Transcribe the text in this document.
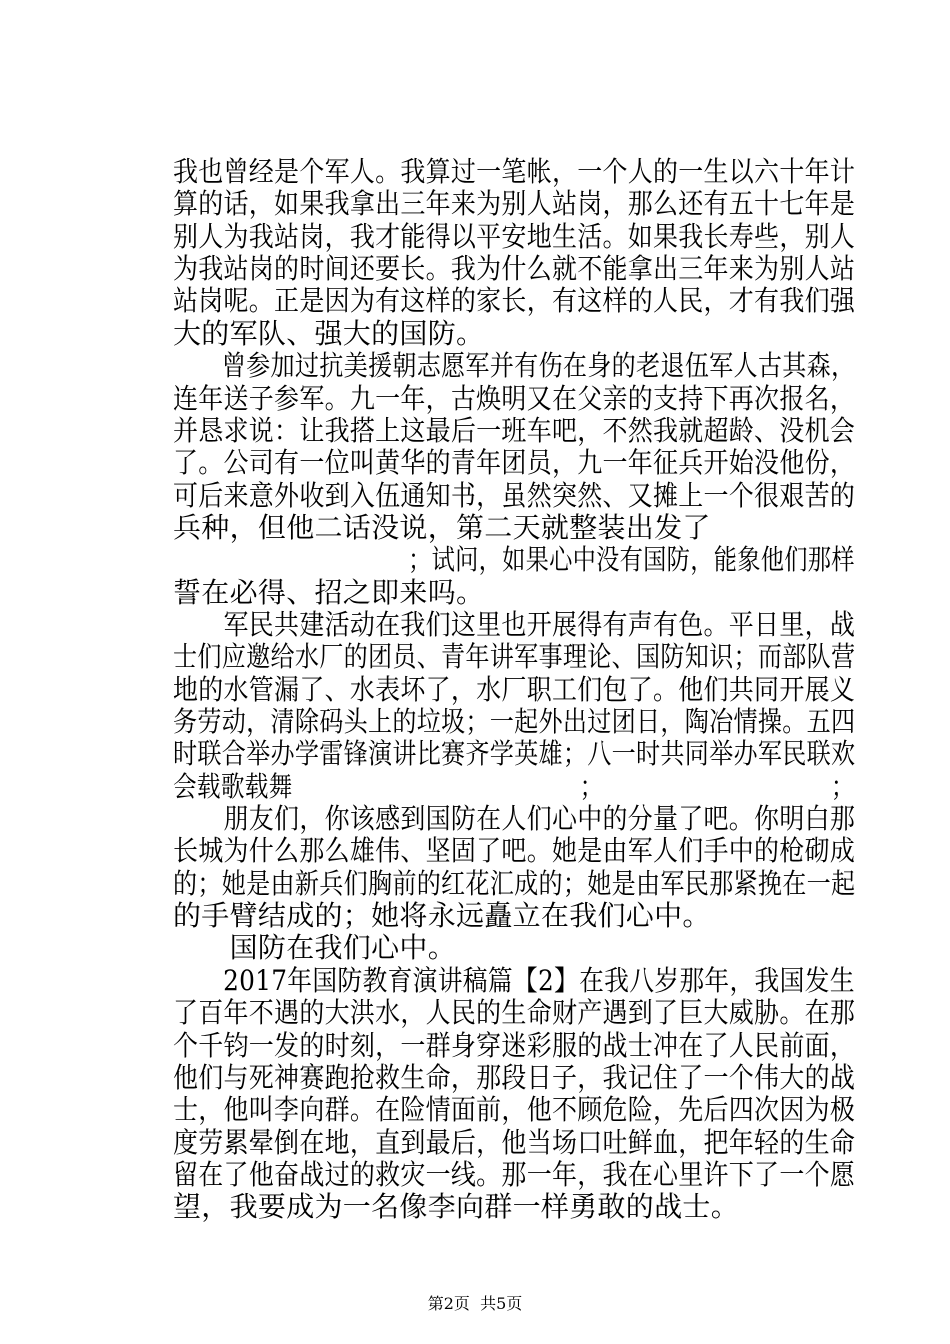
我也曾经是个军人。我算过一笔帐，一个人的一生以六十年计
算的话，如果我拿出三年来为别人站岗，那么还有五十七年是
别人为我站岗，我才能得以平安地生活。如果我长寿些，别人
为我站岗的时间还要长。我为什么就不能拿出三年来为别人站
站岗呢。正是因为有这样的家长，有这样的人民，才有我们强
大的军队、强大的国防。
　　曾参加过抗美援朝志愿军并有伤在身的老退伍军人古其森，
连年送子参军。九一年，古焕明又在父亲的支持下再次报名，
并恳求说：让我搭上这最后一班车吧，不然我就超龄、没机会
了。公司有一位叫黄华的青年团员，九一年征兵开始没他份，
可后来意外收到入伍通知书，虽然突然、又摊上一个很艰苦的
兵种，但他二话没说，第二天就整装出发了
　　　　　　　　　　；试问，如果心中没有国防，能象他们那样
誓在必得、招之即来吗。
　　军民共建活动在我们这里也开展得有声有色。平日里，战
士们应邀给水厂的团员、青年讲军事理论、国防知识；而部队营
地的水管漏了、水表坏了，水厂职工们包了。他们共同开展义
务劳动，清除码头上的垃圾；一起外出过团日，陶冶情操。五四
时联合举办学雷锋演讲比赛齐学英雄；八一时共同举办军民联欢
会载歌载舞　　　　　　　　　　　　；　　　　　　　　　　；
　　朋友们，你该感到国防在人们心中的分量了吧。你明白那
长城为什么那么雄伟、坚固了吧。她是由军人们手中的枪砌成
的；她是由新兵们胸前的红花汇成的；她是由军民那紧挽在一起
的手臂结成的；她将永远矗立在我们心中。
　　国防在我们心中。
　　2017年国防教育演讲稿篇【2】在我八岁那年，我国发生
了百年不遇的大洪水，人民的生命财产遇到了巨大威胁。在那
个千钧一发的时刻，一群身穿迷彩服的战士冲在了人民前面，
他们与死神赛跑抢救生命，那段日子，我记住了一个伟大的战
士，他叫李向群。在险情面前，他不顾危险，先后四次因为极
度劳累晕倒在地，直到最后，他当场口吐鲜血，把年轻的生命
留在了他奋战过的救灾一线。那一年，我在心里许下了一个愿
望，我要成为一名像李向群一样勇敢的战士。
第2页  共5页
